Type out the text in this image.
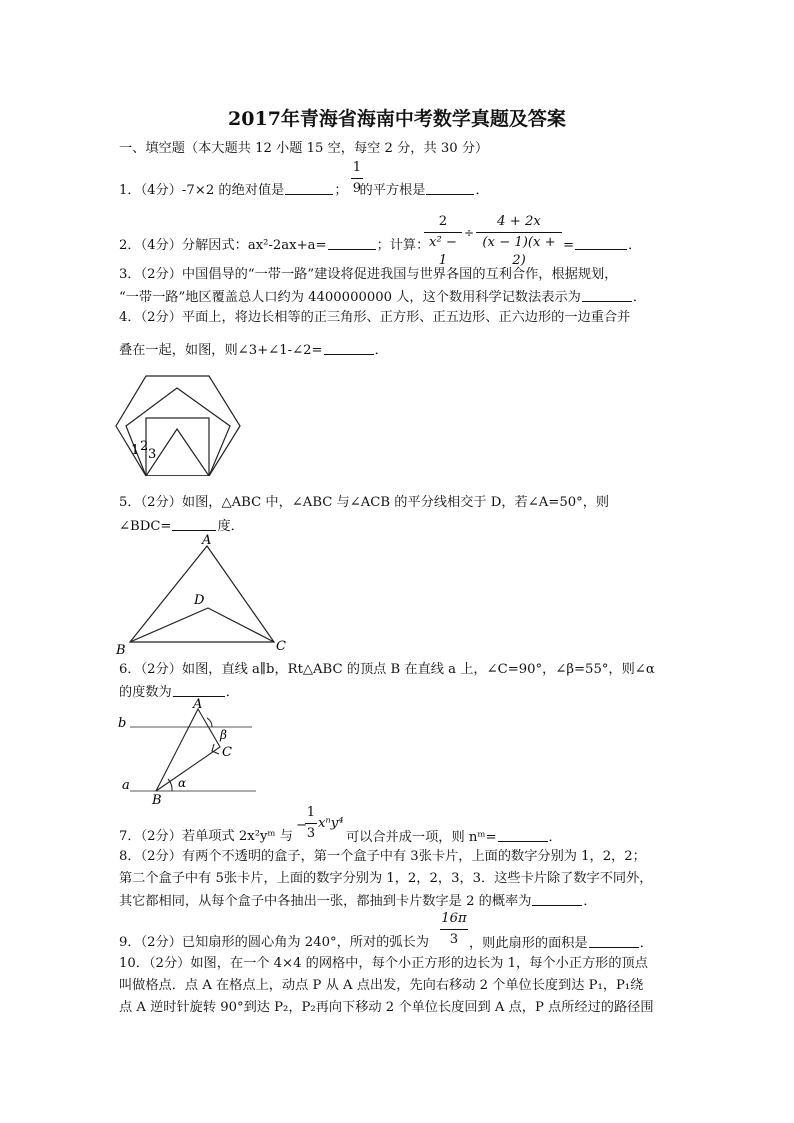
2017年青海省海南中考数学真题及答案
一、填空题（本大题共 12 小题 15 空，每空 2 分，共 30 分）
1．（4分）-7×2 的绝对值是	； 的平方根是	．
1
9
2．（4分）分解因式：ax²-2ax+a=	；计算：
2
x² − 1
÷
4 + 2x
(x − 1)(x + 2)
=	．
3．（2分）中国倡导的“一带一路”建设将促进我国与世界各国的互利合作，根据规划，
“一带一路”地区覆盖总人口约为 4400000000 人，这个数用科学记数法表示为	．
4．（2分）平面上，将边长相等的正三角形、正方形、正五边形、正六边形的一边重合并
叠在一起，如图，则∠3+∠1-∠2=	．
1 2
3
5．（2分）如图，△ABC 中，∠ABC 与∠ACB 的平分线相交于 D，若∠A=50°，则
∠BDC=	度．
A
B	C
D
6．（2分）如图，直线 a∥b，Rt△ABC 的顶点 B 在直线 a 上，∠C=90°，∠β=55°，则∠α
的度数为	．
b
a
A
B
C
α
β
7．（2分）若单项式 2x²yᵐ 与
−
1
3
xⁿy⁴
可以合并成一项，则 nᵐ=	．
8．（2分）有两个不透明的盒子，第一个盒子中有 3张卡片，上面的数字分别为 1，2，2；
第二个盒子中有 5张卡片，上面的数字分别为 1，2，2，3，3．这些卡片除了数字不同外，
其它都相同，从每个盒子中各抽出一张，都抽到卡片数字是 2 的概率为	．
9．（2分）已知扇形的圆心角为 240°，所对的弧长为
16π
3 ，则此扇形的面积是	．
10．（2分）如图，在一个 4×4 的网格中，每个小正方形的边长为 1，每个小正方形的顶点
叫做格点．点 A 在格点上，动点 P 从 A 点出发，先向右移动 2 个单位长度到达 P₁，P₁绕
点 A 逆时针旋转 90°到达 P₂，P₂再向下移动 2 个单位长度回到 A 点，P 点所经过的路径围
